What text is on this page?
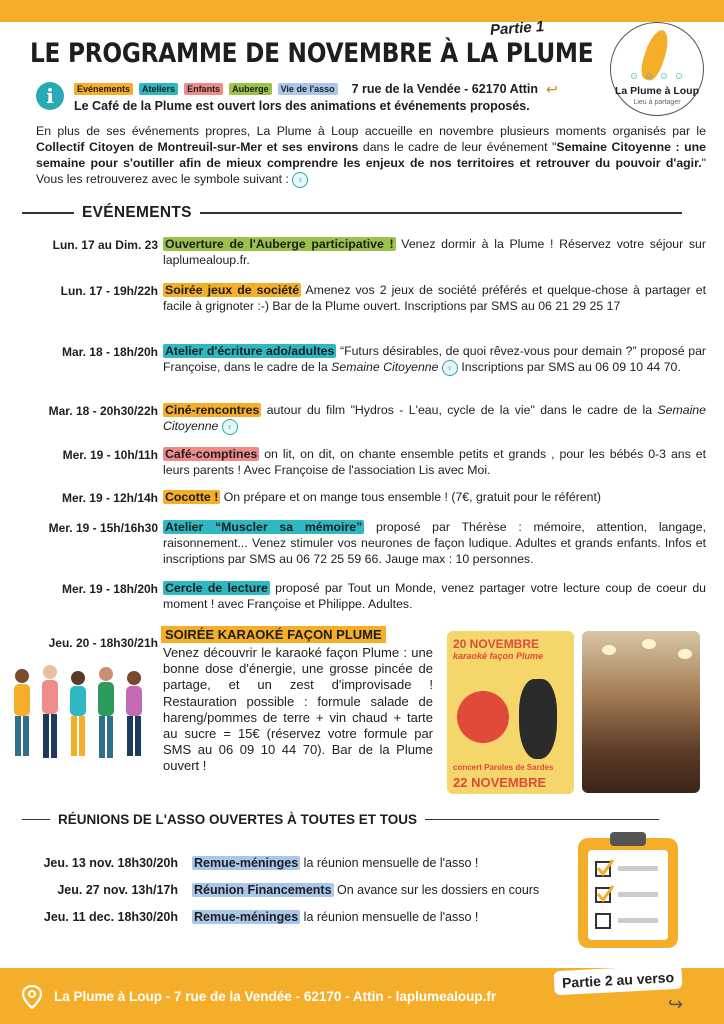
LE PROGRAMME DE NOVEMBRE À LA PLUME
Partie 1
i	Evénements	Ateliers	Enfants	Auberge	Vie de l'asso 7 rue de la Vendée - 62170 Attin ↩
Le Café de la Plume est ouvert lors des animations et événements proposés.
☺ ☺ ☺ ☺
La Plume à Loup
Lieu à partager
En plus de ses événements propres, La Plume à Loup accueille en novembre plusieurs moments organisés par le Collectif Citoyen de Montreuil-sur-Mer et ses environs dans le cadre de leur événement "Semaine Citoyenne : une semaine pour s'outiller afin de mieux comprendre les enjeux de nos territoires et retrouver du pouvoir d'agir." Vous les retrouverez avec le symbole suivant : ♀
EVÉNEMENTS
Lun. 17 au Dim. 23 Ouverture de l'Auberge participative ! Venez dormir à la Plume ! Réservez votre séjour sur laplumealoup.fr.
Lun. 17 - 19h/22h Soirée jeux de société Amenez vos 2 jeux de société préférés et quelque-chose à partager et facile à grignoter :-) Bar de la Plume ouvert. Inscriptions par SMS au 06 21 29 25 17
Mar. 18 - 18h/20h Atelier d'écriture ado/adultes “Futurs désirables, de quoi rêvez-vous pour demain ?” proposé par Françoise, dans le cadre de la Semaine Citoyenne ♀ Inscriptions par SMS au 06 09 10 44 70.
Mar. 18 - 20h30/22h Ciné-rencontres autour du film "Hydros - L'eau, cycle de la vie" dans le cadre de la Semaine Citoyenne ♀
Mer. 19 - 10h/11h Café-comptines on lit, on dit, on chante ensemble petits et grands , pour les bébés 0-3 ans et leurs parents ! Avec Françoise de l'association Lis avec Moi.
Mer. 19 - 12h/14h Cocotte ! On prépare et on mange tous ensemble ! (7€, gratuit pour le référent)
Mer. 19 - 15h/16h30 Atelier “Muscler sa mémoire” proposé par Thérèse : mémoire, attention, langage, raisonnement... Venez stimuler vos neurones de façon ludique. Adultes et grands enfants. Infos et inscriptions par SMS au 06 72 25 59 66. Jauge max : 10 personnes.
Mer. 19 - 18h/20h Cercle de lecture proposé par Tout un Monde, venez partager votre lecture coup de coeur du moment ! avec Françoise et Philippe. Adultes.
Jeu. 20 - 18h30/21h
SOIRÉE KARAOKÉ FAÇON PLUME
Venez découvrir le karaoké façon Plume : une bonne dose d'énergie, une grosse pincée de partage, et un zest d'improvisade ! Restauration possible : formule salade de hareng/pommes de terre + vin chaud + tarte au sucre = 15€ (réservez votre formule par SMS au 06 09 10 44 70). Bar de la Plume ouvert !
20 NOVEMBRE
karaoké façon Plume
concert Paroles de Sardes
22 NOVEMBRE
RÉUNIONS DE L'ASSO OUVERTES À TOUTES ET TOUS
Jeu. 13 nov. 18h30/20h Remue-méninges la réunion mensuelle de l'asso !
Jeu. 27 nov. 13h/17h Réunion Financements On avance sur les dossiers en cours
Jeu. 11 dec. 18h30/20h Remue-méninges la réunion mensuelle de l'asso !
La Plume à Loup - 7 rue de la Vendée - 62170 - Attin - laplumealoup.fr
Partie 2 au verso
↪
